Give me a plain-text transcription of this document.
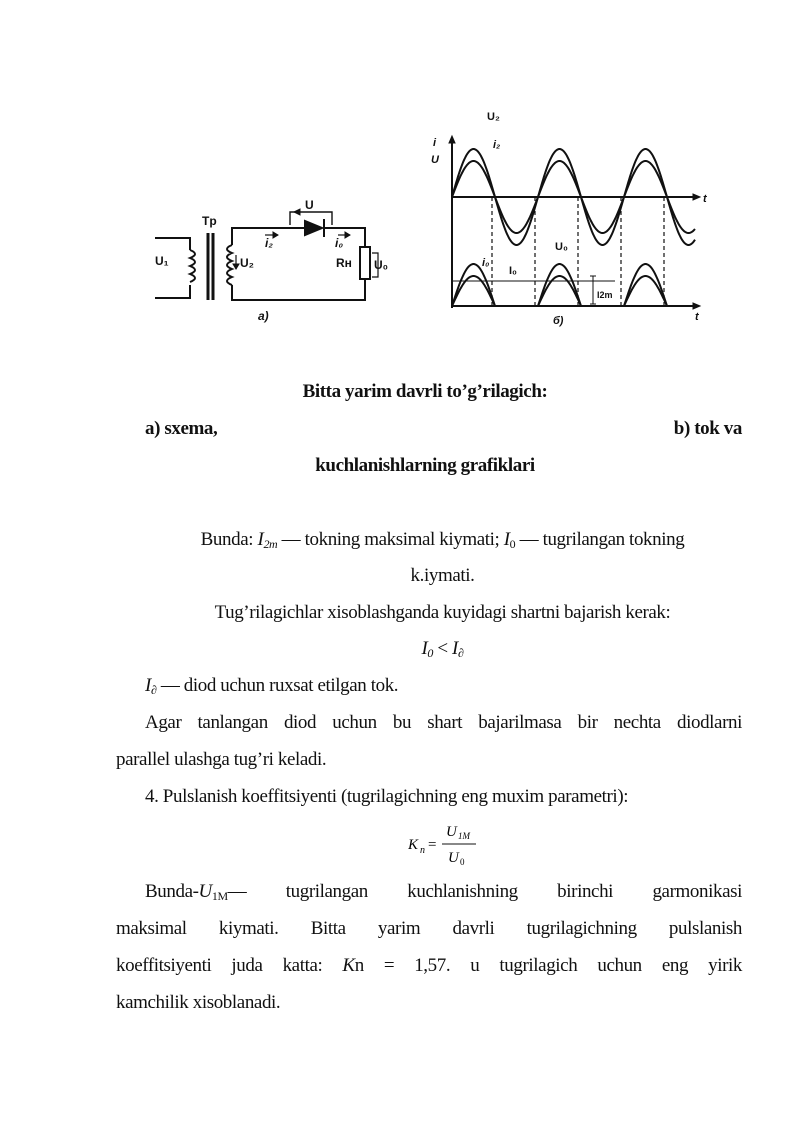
Tp
U₁	U₂
U
i₂	i₀
Rн U₀
a)
U₂
i₂
i
U
t
U₀
i₀
I₀
I2m
t
б)
Bitta yarim davrli to’g’rilagich:
a) sxema,	b) tok va
kuchlanishlarning grafiklari
Bunda: $I_{2m}$ — tokning maksimal kiymati; $I_0$ — tugrilangan tokning
k.iymati.
Tug’rilagichlar xisoblashganda kuyidagi shartni bajarish kerak:
$I_0 < I_\partial$
$I_\partial$ — diod uchun ruxsat etilgan tok.
Agar tanlangan diod uchun bu shart bajarilmasa bir nechta diodlarni
parallel ulashga tug’ri keladi.
4. Pulslanish koeffitsiyenti (tugrilagichning eng muxim parametri):
K n =
U 1M
U 0
Bunda-$U_{1M}—$ tugrilangan kuchlanishning birinchi garmonikasi
maksimal kiymati. Bitta yarim davrli tugrilagichning pulslanish
koeffitsiyenti juda katta: Kn = 1,57. u tugrilagich uchun eng yirik
kamchilik xisoblanadi.
